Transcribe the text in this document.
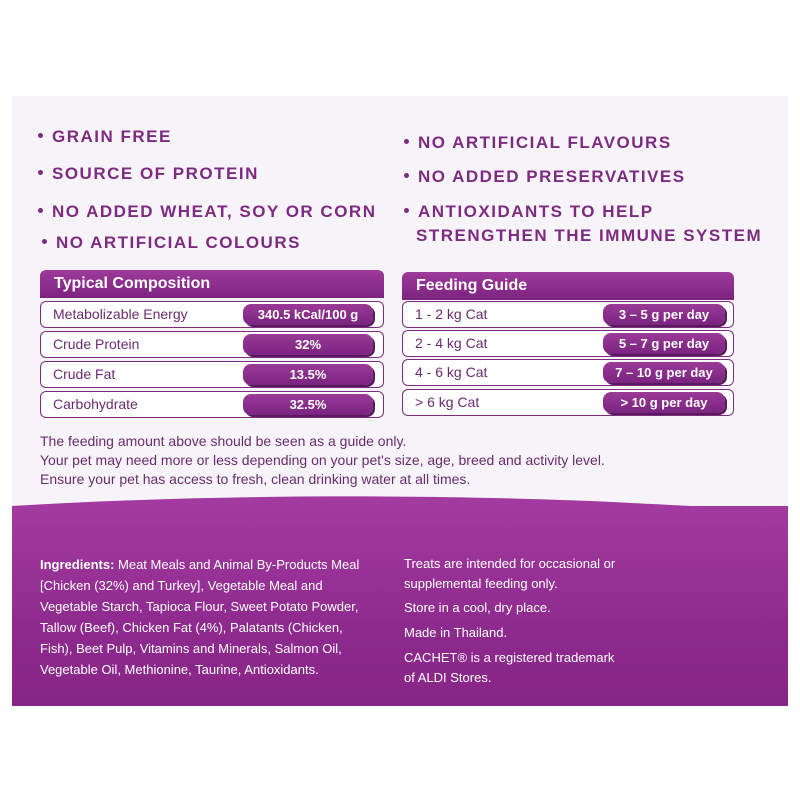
GRAIN FREE
SOURCE OF PROTEIN
NO ADDED WHEAT, SOY OR CORN
NO ARTIFICIAL COLOURS
NO ARTIFICIAL FLAVOURS
NO ADDED PRESERVATIVES
ANTIOXIDANTS TO HELP
STRENGTHEN THE IMMUNE SYSTEM
Typical Composition
Metabolizable Energy	340.5 kCal/100 g
Crude Protein	32%
Crude Fat	13.5%
Carbohydrate	32.5%
Feeding Guide
1 - 2 kg Cat	3 – 5 g per day
2 - 4 kg Cat	5 – 7 g per day
4 - 6 kg Cat	7 – 10 g per day
> 6 kg Cat	> 10 g per day
The feeding amount above should be seen as a guide only.
Your pet may need more or less depending on your pet's size, age, breed and activity level.
Ensure your pet has access to fresh, clean drinking water at all times.
Ingredients: Meat Meals and Animal By-Products Meal [Chicken (32%) and Turkey], Vegetable Meal and Vegetable Starch, Tapioca Flour, Sweet Potato Powder, Tallow (Beef), Chicken Fat (4%), Palatants (Chicken, Fish), Beet Pulp, Vitamins and Minerals, Salmon Oil, Vegetable Oil, Methionine, Taurine, Antioxidants.

Treats are intended for occasional or

supplemental feeding only.

Store in a cool, dry place.

Made in Thailand.

CACHET® is a registered trademark

of ALDI Stores.
